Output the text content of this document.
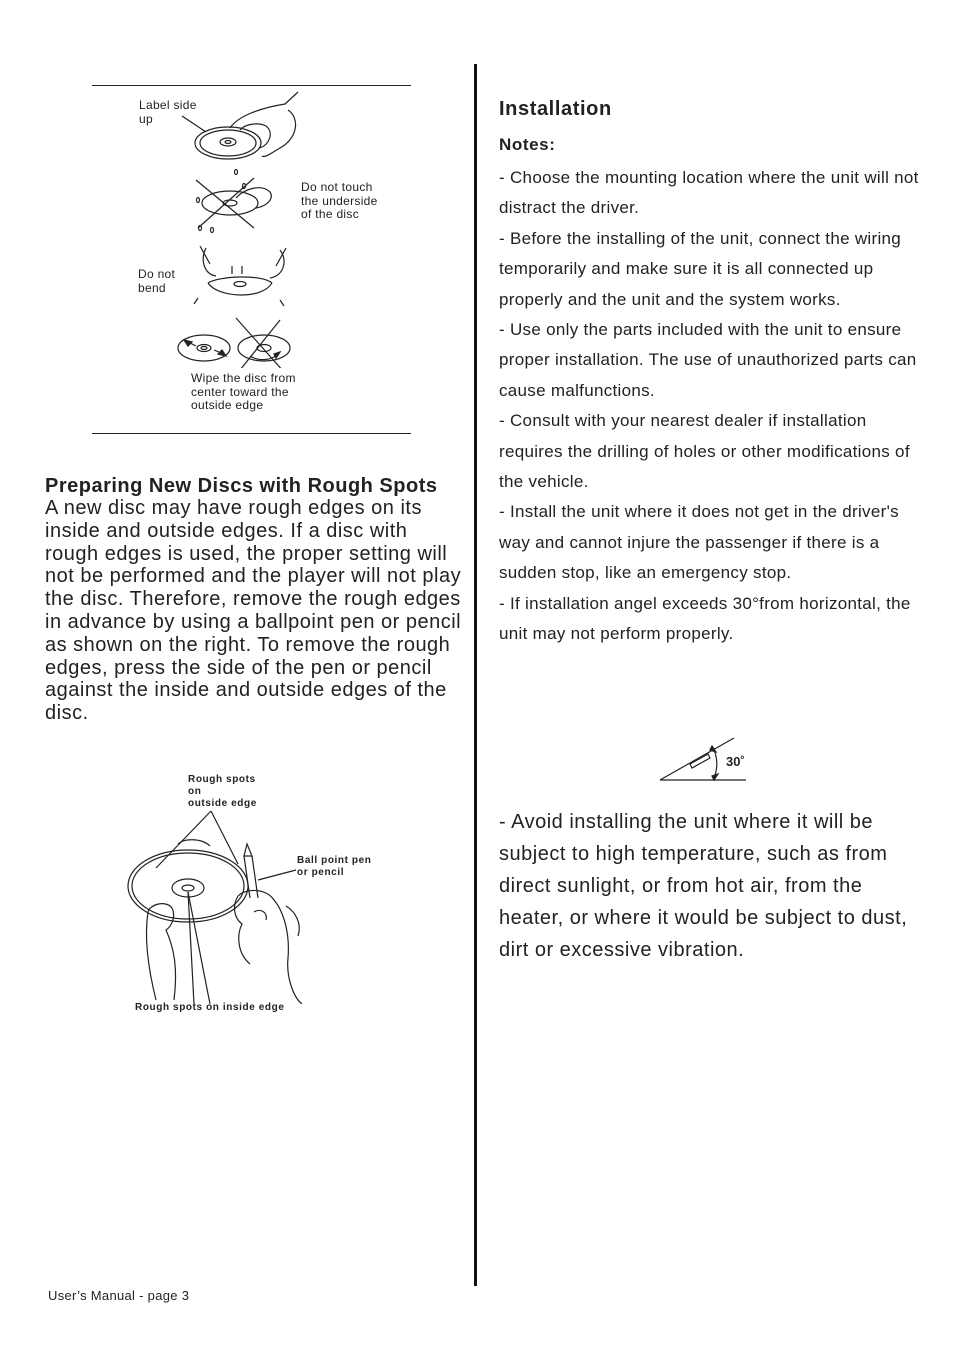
Label side
up
Do not touch
the underside
of the disc
Do not
bend
Wipe the disc from
center toward the
outside edge
Preparing New Discs with Rough Spots
A new disc may have rough edges on its inside and outside edges. If a disc with rough edges is used, the proper setting will not be performed and the player will not play the disc. Therefore, remove the rough edges in advance by using a ballpoint pen or pencil as shown on the right. To remove the rough edges, press the side of the pen or pencil against the inside and outside edges of the disc.
Rough spots
on
outside edge
Ball point pen
or pencil
Rough spots on inside edge
Installation
Notes:
- Choose the mounting location where the unit will not distract the driver.
- Before the installing of the unit, connect the wiring temporarily and make sure it is all connected up properly and the unit and the system works.
- Use only the parts included with the unit to ensure proper installation. The use of unauthorized parts can cause malfunctions.
- Consult with your nearest dealer if installation requires the drilling of holes or other modifications of the vehicle.
- Install the unit where it does not get in the driver's way and cannot injure the passenger if there is a sudden stop, like an emergency stop.
- If installation angel exceeds 30°from horizontal, the unit may not perform properly.
30˚
- Avoid installing the unit where it will be subject to high temperature, such as from direct sunlight, or from hot air, from the heater, or where it would be subject to dust, dirt or excessive vibration.
User’s Manual - page 3
